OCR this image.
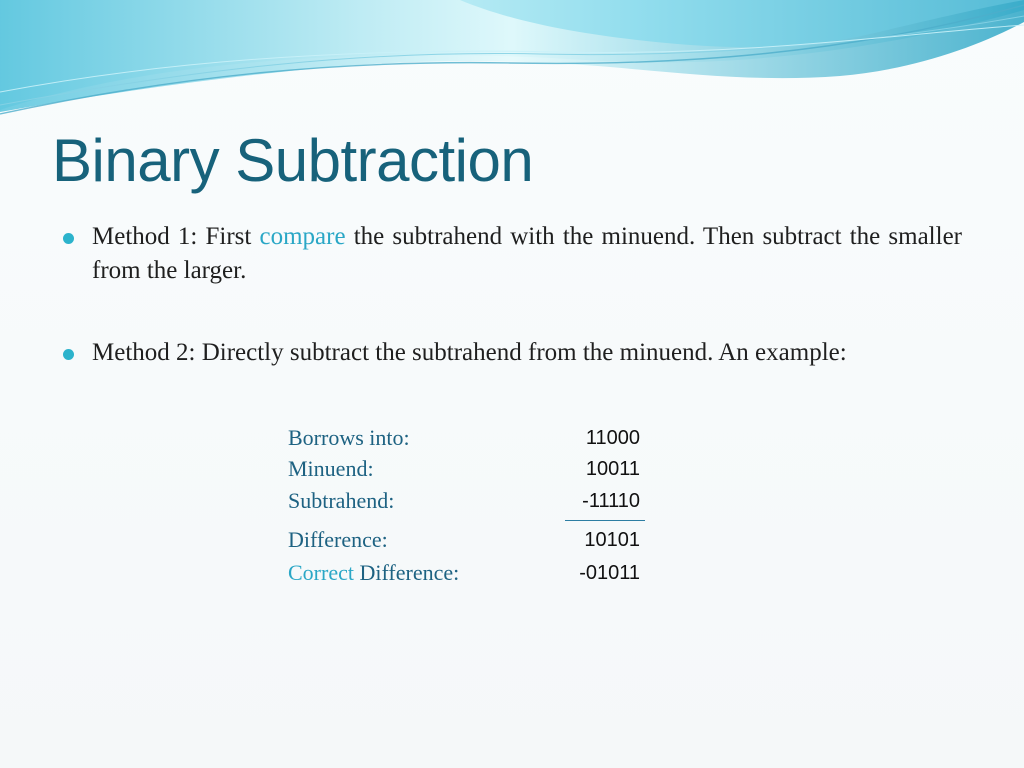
Binary Subtraction
Method 1: First compare the subtrahend with the minuend. Then subtract the smaller from the larger.
Method 2: Directly subtract the subtrahend from the minuend. An example:
Borrows into:	11000
Minuend:	10011
Subtrahend:	-11110
Difference:	10101
Correct Difference:	-01011
